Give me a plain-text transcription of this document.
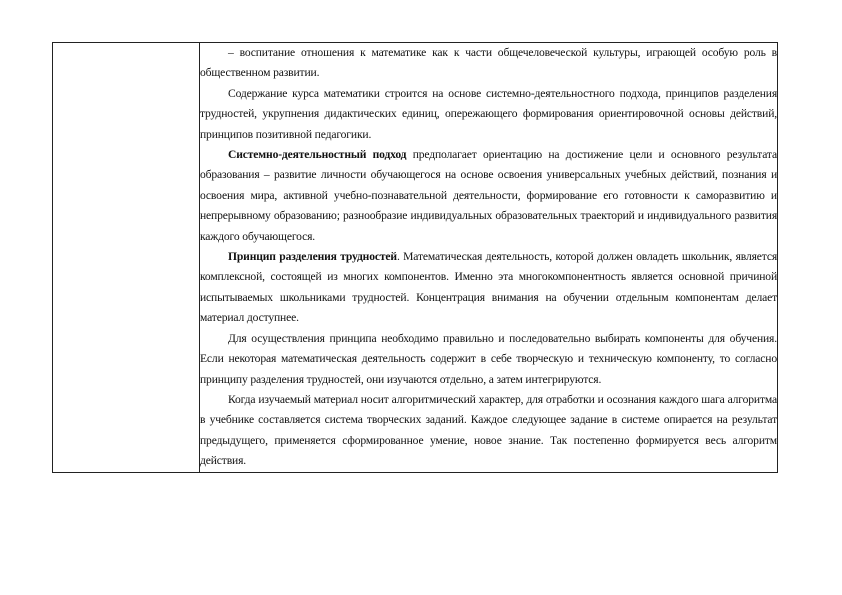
– воспитание отношения к математике как к части общечеловеческой культуры, играющей особую роль в общественном развитии.

Содержание курса математики строится на основе системно-деятельностного подхода, принципов разделения трудностей, укрупнения дидактических единиц, опережающего формирования ориентировочной основы действий, принципов позитивной педагогики.

Системно-деятельностный подход предполагает ориентацию на достижение цели и основного результата образования – развитие личности обучающегося на основе освоения универсальных учебных действий, познания и освоения мира, активной учебно-познавательной деятельности, формирование его готовности к саморазвитию и непрерывному образованию; разнообразие индивидуальных образовательных траекторий и индивидуального развития каждого обучающегося.

Принцип разделения трудностей. Математическая деятельность, которой должен овладеть школьник, является комплексной, состоящей из многих компонентов. Именно эта многокомпонентность является основной причиной испытываемых школьниками трудностей. Концентрация внимания на обучении отдельным компонентам делает материал доступнее.

Для осуществления принципа необходимо правильно и последовательно выбирать компоненты для обучения. Если некоторая математическая деятельность содержит в себе творческую и техническую компоненту, то согласно принципу разделения трудностей, они изучаются отдельно, а затем интегрируются.

Когда изучаемый материал носит алгоритмический характер, для отработки и осознания каждого шага алгоритма в учебнике составляется система творческих заданий. Каждое следующее задание в системе опирается на результат предыдущего, применяется сформированное умение, новое знание. Так постепенно формируется весь алгоритм действия.
